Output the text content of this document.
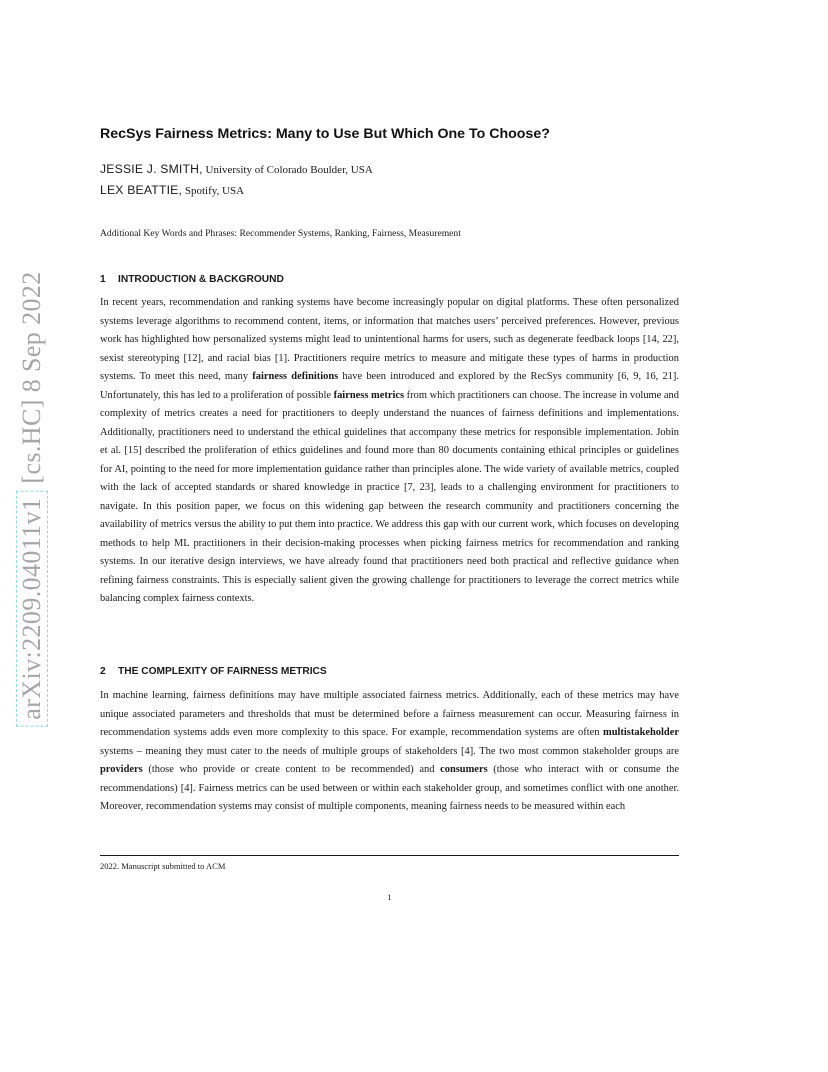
arXiv:2209.04011v1 [cs.HC] 8 Sep 2022
RecSys Fairness Metrics: Many to Use But Which One To Choose?
JESSIE J. SMITH, University of Colorado Boulder, USA
LEX BEATTIE, Spotify, USA
Additional Key Words and Phrases: Recommender Systems, Ranking, Fairness, Measurement
1 INTRODUCTION & BACKGROUND

In recent years, recommendation and ranking systems have become increasingly popular on digital platforms. These often personalized systems leverage algorithms to recommend content, items, or information that matches users’ perceived preferences. However, previous work has highlighted how personalized systems might lead to unintentional harms for users, such as degenerate feedback loops [14, 22], sexist stereotyping [12], and racial bias [1]. Practitioners require metrics to measure and mitigate these types of harms in production systems. To meet this need, many fairness definitions have been introduced and explored by the RecSys community [6, 9, 16, 21]. Unfortunately, this has led to a proliferation of possible fairness metrics from which practitioners can choose. The increase in volume and complexity of metrics creates a need for practitioners to deeply understand the nuances of fairness definitions and implementations. Additionally, practitioners need to understand the ethical guidelines that accompany these metrics for responsible implementation. Jobin et al. [15] described the proliferation of ethics guidelines and found more than 80 documents containing ethical principles or guidelines for AI, pointing to the need for more implementation guidance rather than principles alone. The wide variety of available metrics, coupled with the lack of accepted standards or shared knowledge in practice [7, 23], leads to a challenging environment for practitioners to navigate. In this position paper, we focus on this widening gap between the research community and practitioners concerning the availability of metrics versus the ability to put them into practice. We address this gap with our current work, which focuses on developing methods to help ML practitioners in their decision-making processes when picking fairness metrics for recommendation and ranking systems. In our iterative design interviews, we have already found that practitioners need both practical and reflective guidance when refining fairness constraints. This is especially salient given the growing challenge for practitioners to leverage the correct metrics while balancing complex fairness contexts.

2 THE COMPLEXITY OF FAIRNESS METRICS

In machine learning, fairness definitions may have multiple associated fairness metrics. Additionally, each of these metrics may have unique associated parameters and thresholds that must be determined before a fairness measurement can occur. Measuring fairness in recommendation systems adds even more complexity to this space. For example, recommendation systems are often multistakeholder systems – meaning they must cater to the needs of multiple groups of stakeholders [4]. The two most common stakeholder groups are providers (those who provide or create content to be recommended) and consumers (those who interact with or consume the recommendations) [4]. Fairness metrics can be used between or within each stakeholder group, and sometimes conflict with one another. Moreover, recommendation systems may consist of multiple components, meaning fairness needs to be measured within each

2022. Manuscript submitted to ACM
1
